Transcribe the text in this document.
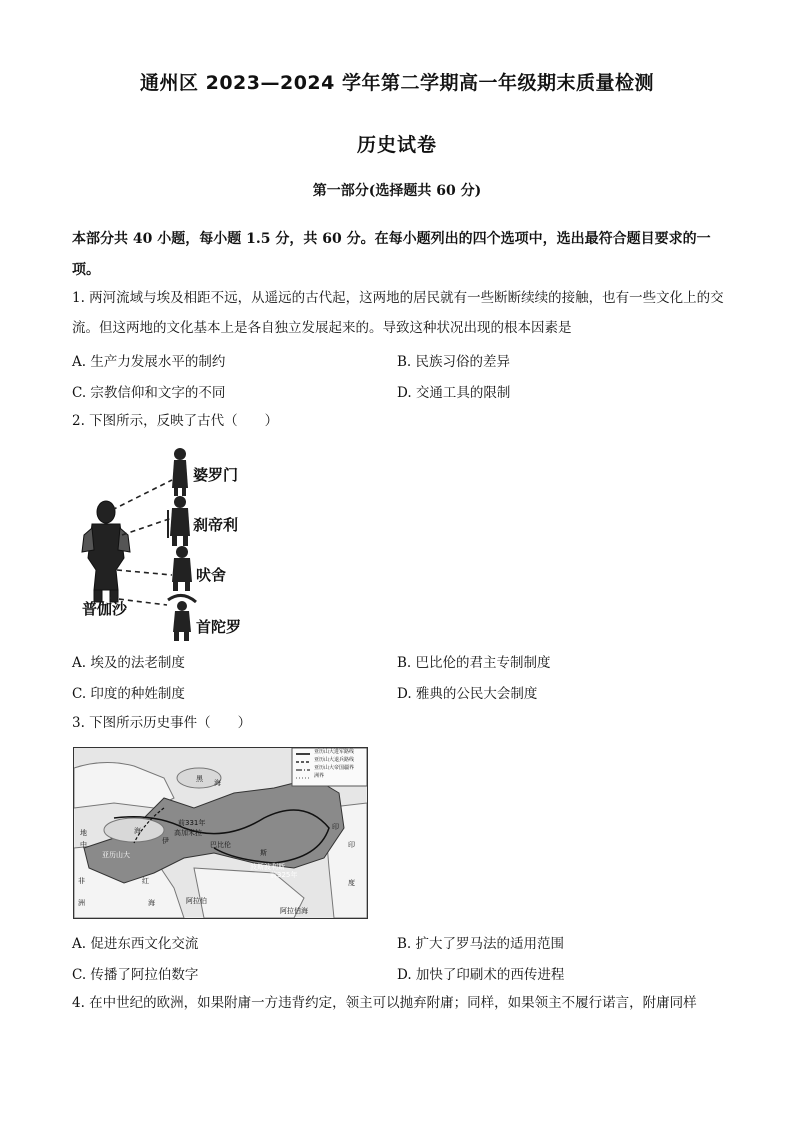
通州区 2023—2024 学年第二学期高一年级期末质量检测
历史试卷
第一部分(选择题共 60 分)
本部分共 40 小题，每小题 1.5 分，共 60 分。在每小题列出的四个选项中，选出最符合题目要求的一项。
1. 两河流域与埃及相距不远，从遥远的古代起，这两地的居民就有一些断断续续的接触，也有一些文化上的交流。但这两地的文化基本上是各自独立发展起来的。导致这种状况出现的根本因素是
A. 生产力发展水平的制约	B. 民族习俗的差异
C. 宗教信仰和文字的不同	D. 交通工具的限制
2. 下图所示，反映了古代（　　）
婆罗门
刹帝利
吠舍
首陀罗
普伽沙
A. 埃及的法老制度	B. 巴比伦的君主专制制度
C. 印度的种姓制度	D. 雅典的公民大会制度
3. 下图所示历史事件（　　）
亚历山大进军路线
亚历山大退兵路线
亚历山大帝国疆界
洲界
黑 海
地
中
海
亚历山大
前331年
高加米拉
巴比伦
斯
波斯波利斯
前325年
印
印
度
伊
非
洲
红
海	阿拉伯
阿拉伯海
A. 促进东西文化交流	B. 扩大了罗马法的适用范围
C. 传播了阿拉伯数字	D. 加快了印刷术的西传进程
4. 在中世纪的欧洲，如果附庸一方违背约定，领主可以抛弃附庸；同样，如果领主不履行诺言，附庸同样
